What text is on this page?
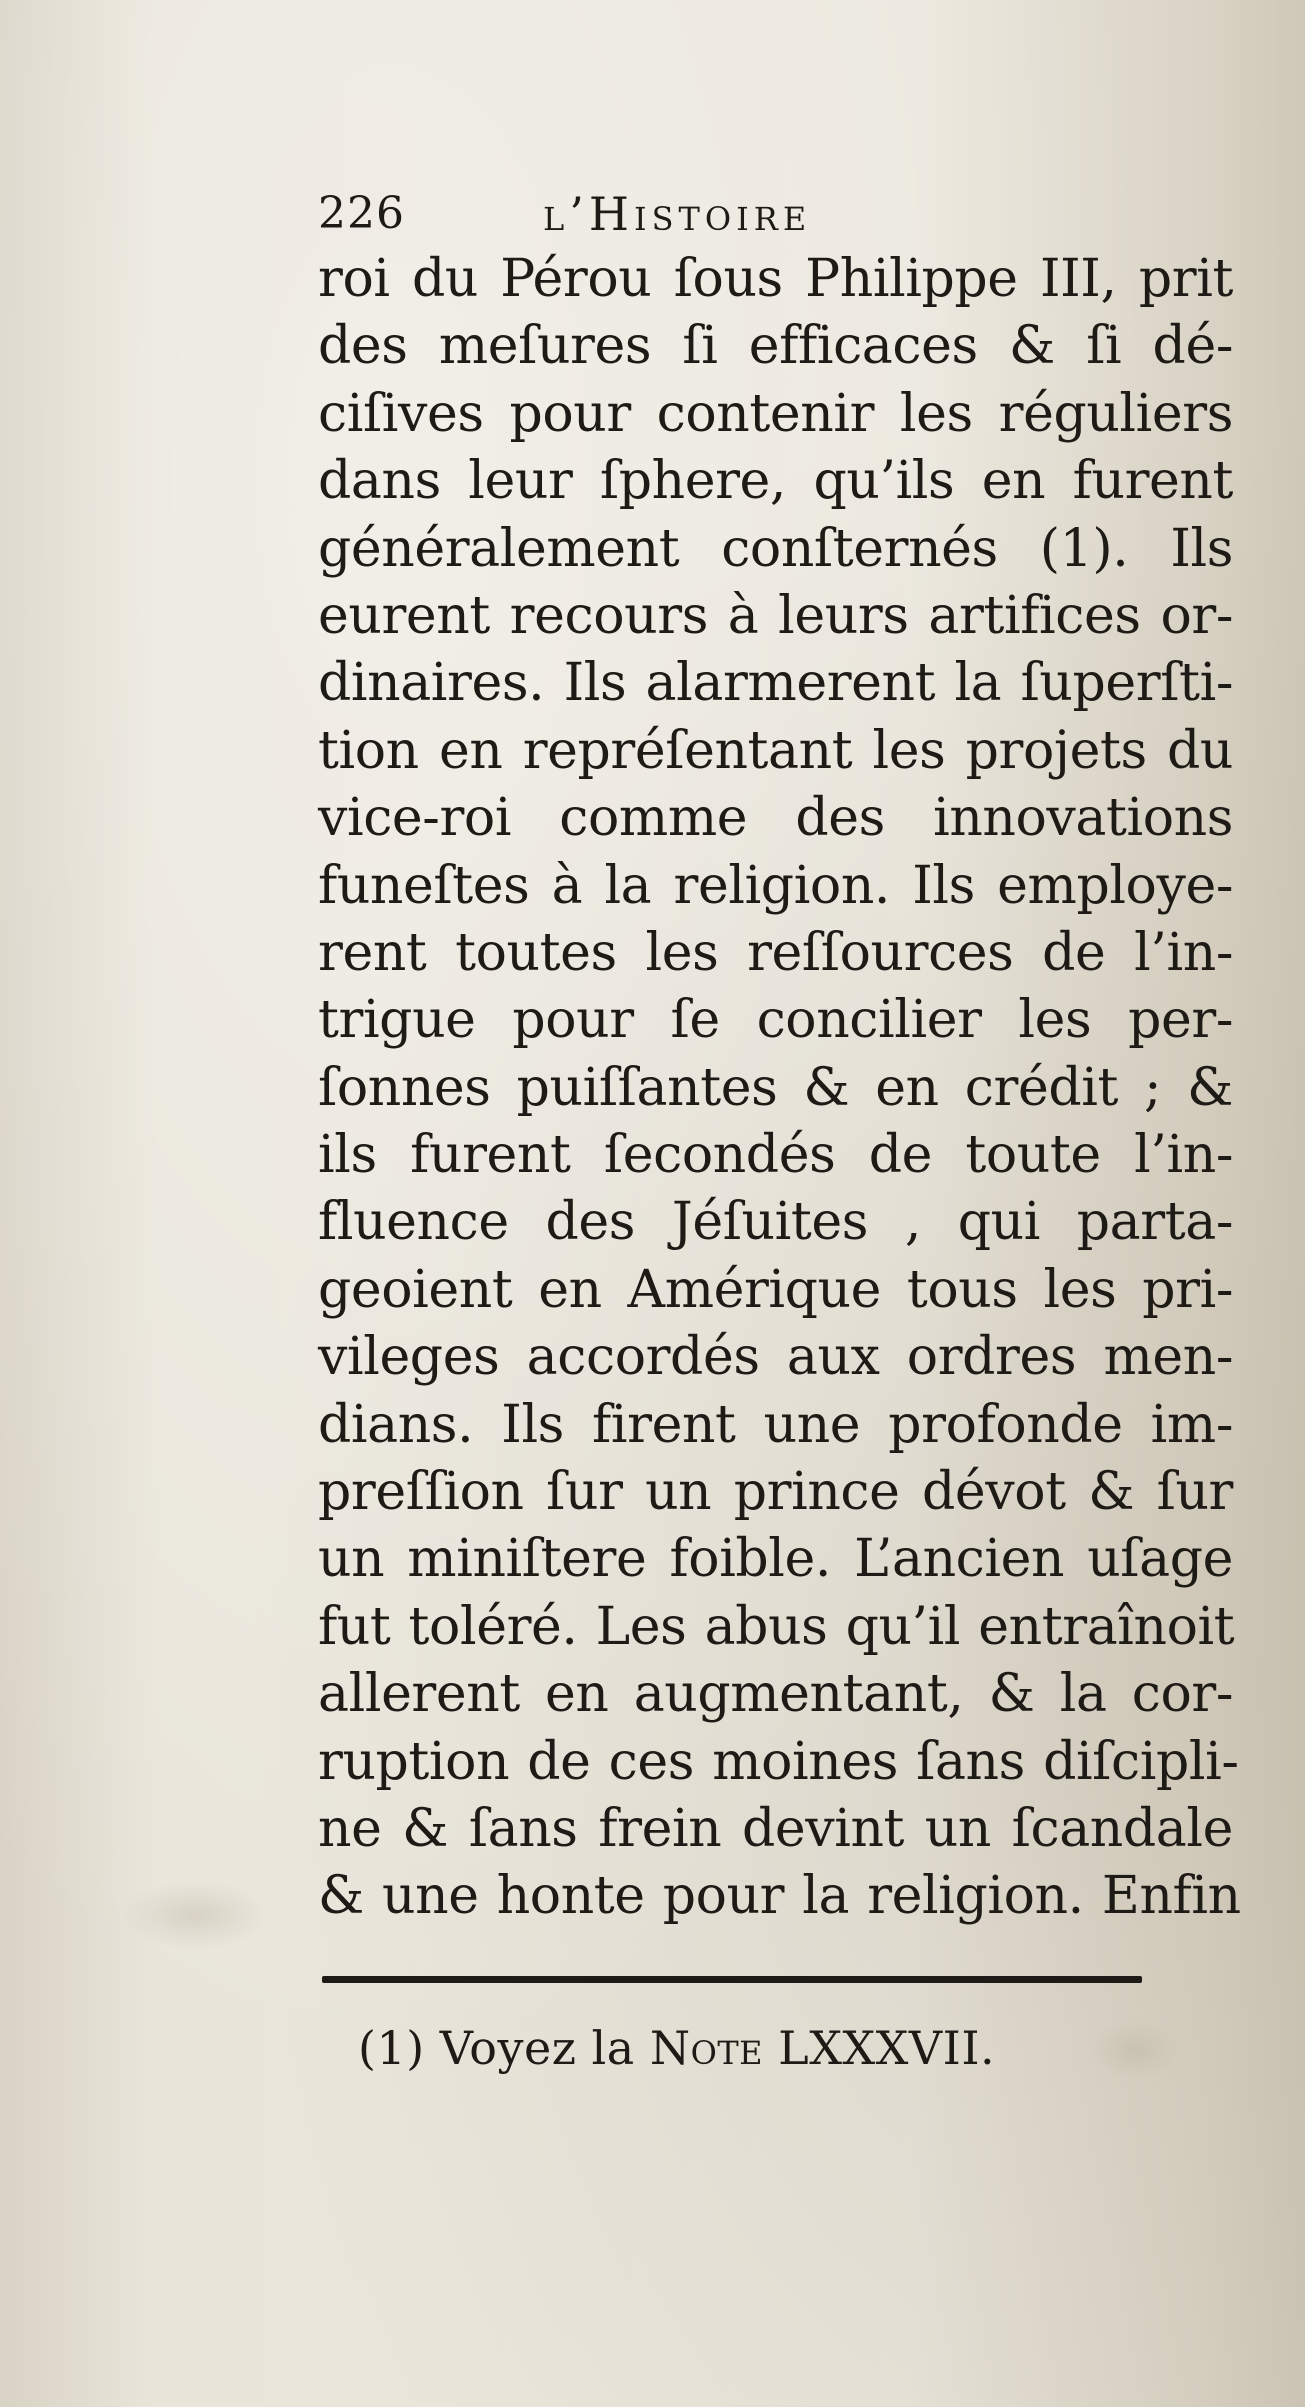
226	l’Histoire
roi du Pérou ſous Philippe III, prit
des meſures ſi efficaces & ſi dé-
ciſives pour contenir les réguliers
dans leur ſphere, qu’ils en furent
généralement conſternés (1). Ils
eurent recours à leurs artifices or-
dinaires. Ils alarmerent la ſuperſti-
tion en repréſentant les projets du
vice-roi comme des innovations
funeſtes à la religion. Ils employe-
rent toutes les reſſources de l’in-
trigue pour ſe concilier les per-
ſonnes puiſſantes & en crédit ; &
ils furent ſecondés de toute l’in-
fluence des Jéſuites , qui parta-
geoient en Amérique tous les pri-
vileges accordés aux ordres men-
dians. Ils firent une profonde im-
preſſion ſur un prince dévot & ſur
un miniſtere foible. L’ancien uſage
fut toléré. Les abus qu’il entraînoit
allerent en augmentant, & la cor-
ruption de ces moines ſans diſcipli-
ne & ſans frein devint un ſcandale
& une honte pour la religion. Enfin
(1) Voyez la Note LXXXVII.
